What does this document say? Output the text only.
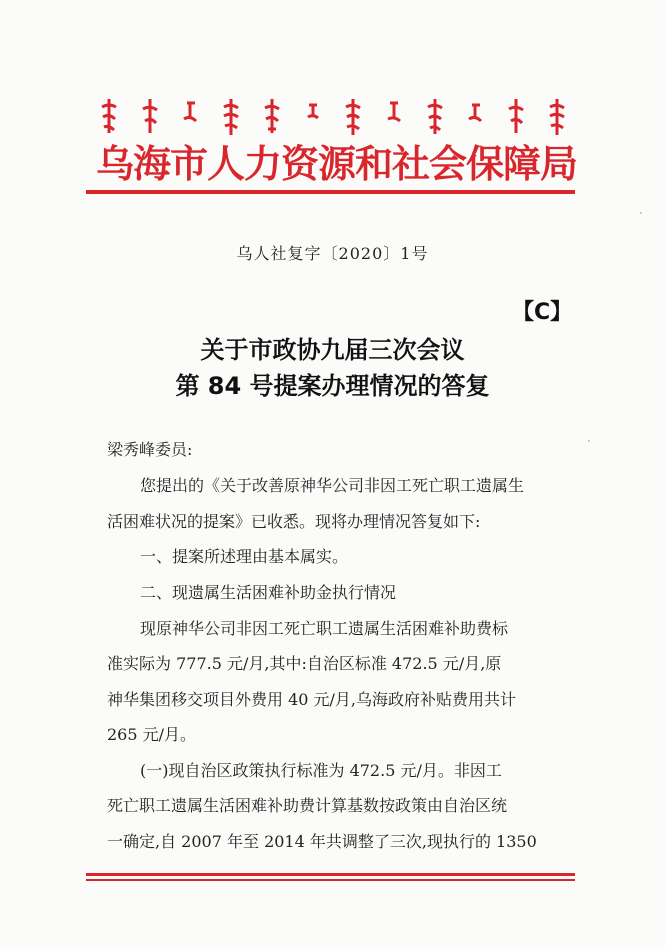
乌海市人力资源和社会保障局
乌人社复字〔2020〕1号
【C】
关于市政协九届三次会议
第 84 号提案办理情况的答复
梁秀峰委员:
您提出的《关于改善原神华公司非因工死亡职工遗属生
活困难状况的提案》已收悉。现将办理情况答复如下:
一、提案所述理由基本属实。
二、现遗属生活困难补助金执行情况
现原神华公司非因工死亡职工遗属生活困难补助费标
准实际为 777.5 元/月,其中:自治区标准 472.5 元/月,原
神华集团移交项目外费用 40 元/月,乌海政府补贴费用共计
265 元/月。
(一)现自治区政策执行标准为 472.5 元/月。非因工
死亡职工遗属生活困难补助费计算基数按政策由自治区统
一确定,自 2007 年至 2014 年共调整了三次,现执行的 1350
